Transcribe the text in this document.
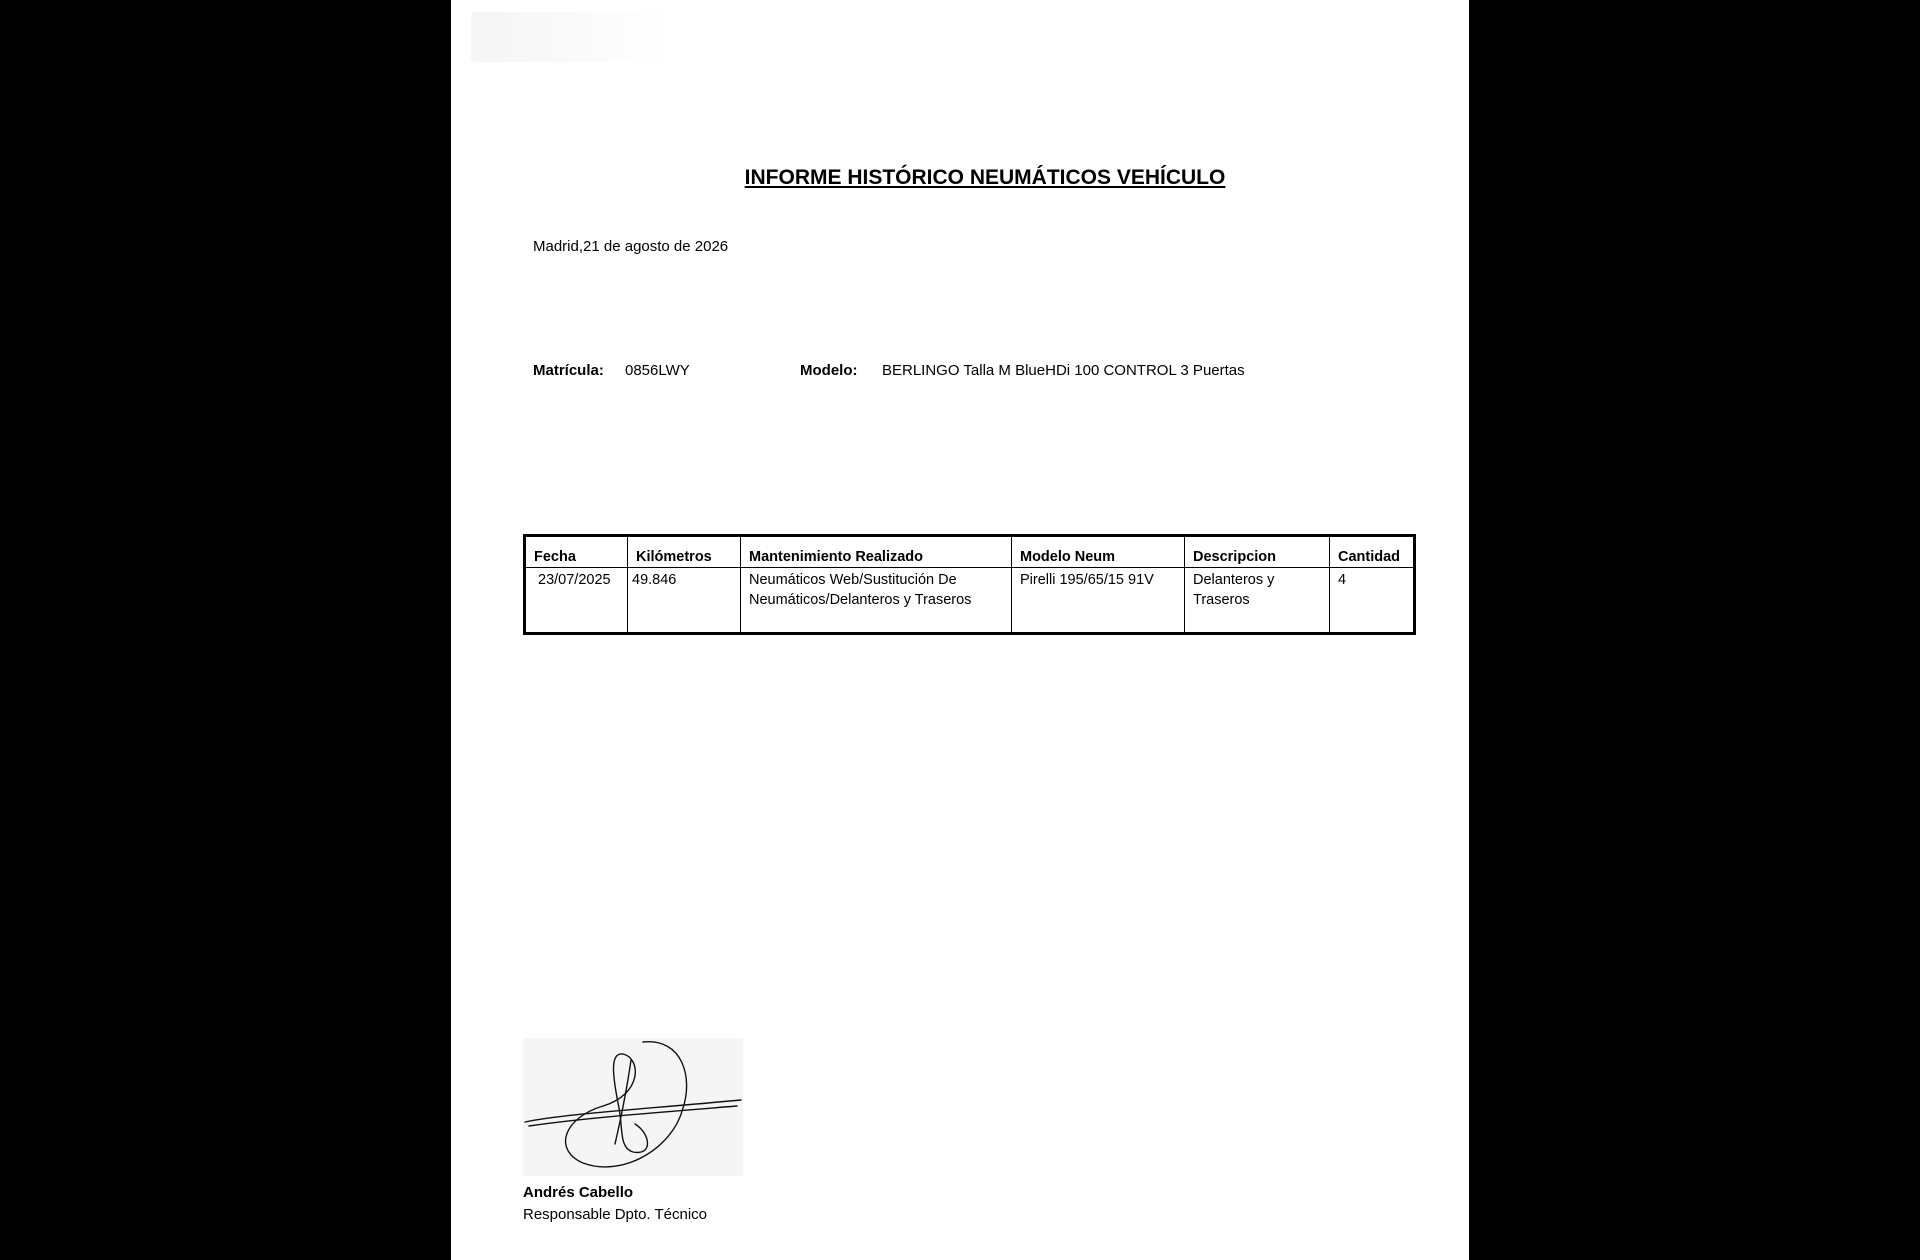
INFORME HISTÓRICO NEUMÁTICOS VEHÍCULO
Madrid,21 de agosto de 2026
Matrícula: 0856LWY	Modelo: BERLINGO Talla M BlueHDi 100 CONTROL 3 Puertas
Fecha	Kilómetros	Mantenimiento Realizado	Modelo Neum	Descripcion	Cantidad
23/07/2025	49.846	Neumáticos Web/Sustitución De Neumáticos/Delanteros y Traseros	Pirelli 195/65/15 91V	Delanteros y Traseros	4
Andrés Cabello
Responsable Dpto. Técnico
